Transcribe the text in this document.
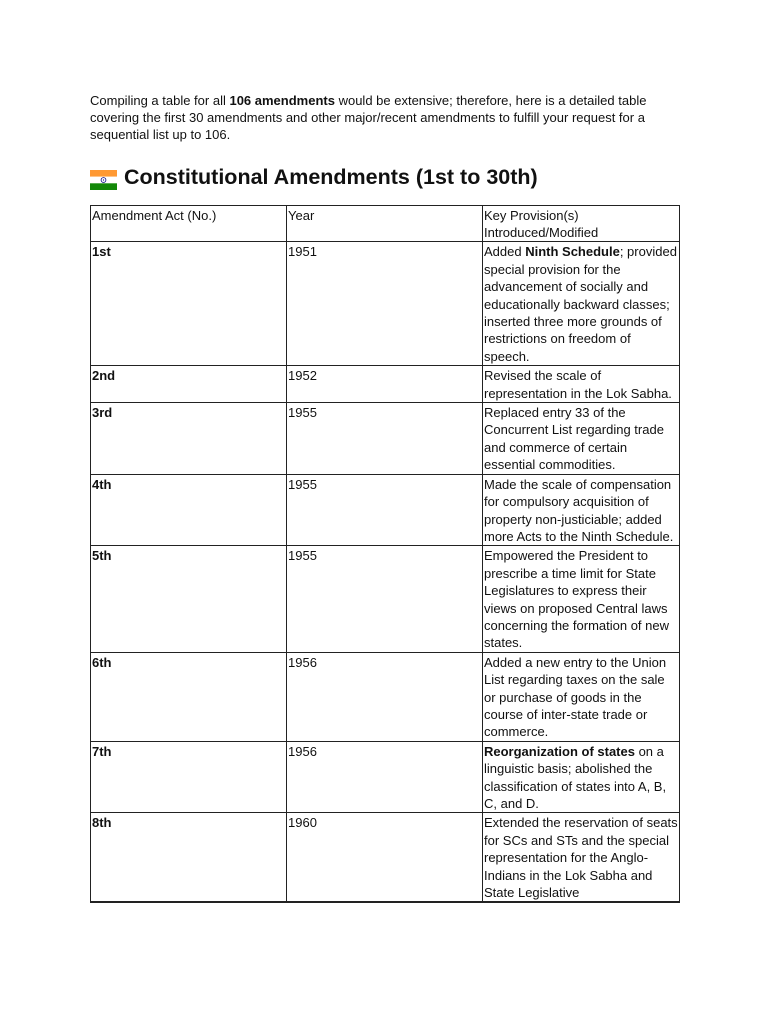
Compiling a table for all 106 amendments would be extensive; therefore, here is a detailed table covering the first 30 amendments and other major/recent amendments to fulfill your request for a sequential list up to 106.

Constitutional Amendments (1st to 30th)
Amendment Act (No.)	Year	Key Provision(s) Introduced/Modified
1st	1951	Added Ninth Schedule; provided special provision for the advancement of socially and educationally backward classes; inserted three more grounds of restrictions on freedom of speech.
2nd	1952	Revised the scale of representation in the Lok Sabha.
3rd	1955	Replaced entry 33 of the Concurrent List regarding trade and commerce of certain essential commodities.
4th	1955	Made the scale of compensation for compulsory acquisition of property non-justiciable; added more Acts to the Ninth Schedule.
5th	1955	Empowered the President to prescribe a time limit for State Legislatures to express their views on proposed Central laws concerning the formation of new states.
6th	1956	Added a new entry to the Union List regarding taxes on the sale or purchase of goods in the course of inter-state trade or commerce.
7th	1956	Reorganization of states on a linguistic basis; abolished the classification of states into A, B, C, and D.
8th	1960	Extended the reservation of seats for SCs and STs and the special representation for the Anglo-Indians in the Lok Sabha and State Legislative
